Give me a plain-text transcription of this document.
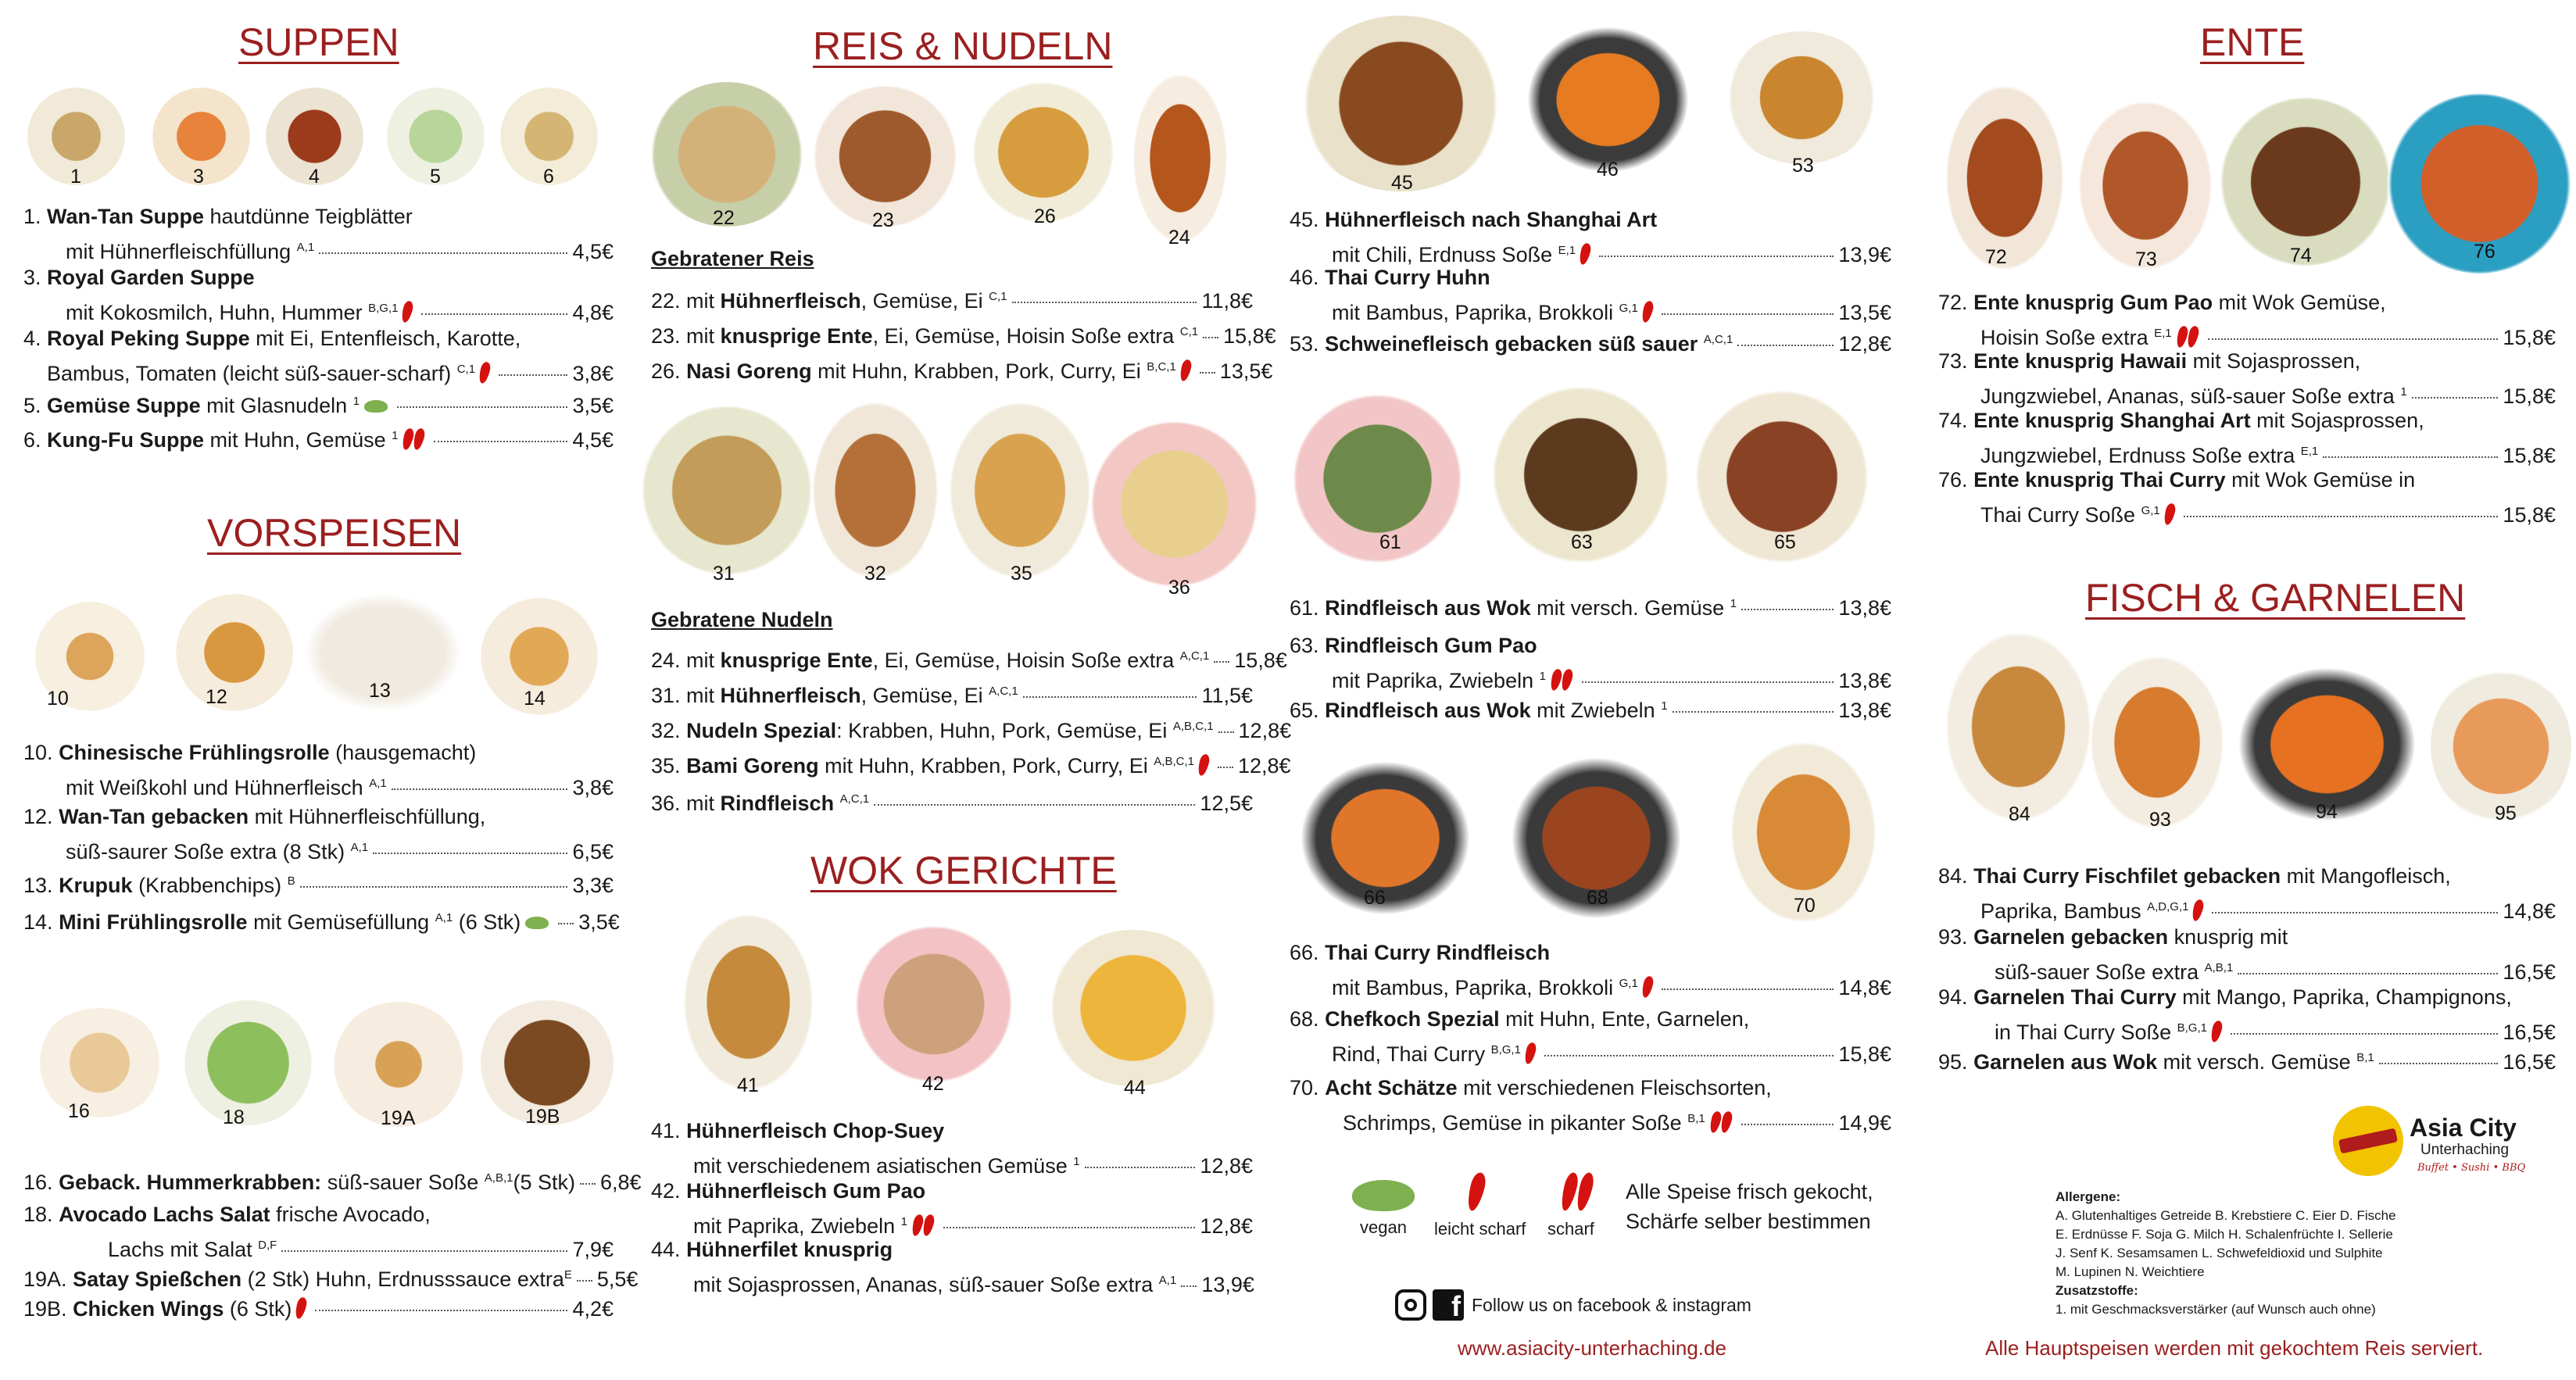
SUPPEN
1	3	4	5	6
1. Wan-Tan Suppe hautdünne Teigblätter
mit Hühnerfleischfüllung $^{A,1}$	4,5€
3. Royal Garden Suppe
mit Kokosmilch, Huhn, Hummer $^{B,G,1}$	4,8€
4. Royal Peking Suppe mit Ei, Entenfleisch, Karotte,
Bambus, Tomaten (leicht süß-sauer-scharf) $^{C,1}$	3,8€
5. Gemüse Suppe mit Glasnudeln $^1$	3,5€
6. Kung-Fu Suppe mit Huhn, Gemüse $^1$	4,5€
VORSPEISEN
10	12	13	14
10. Chinesische Frühlingsrolle (hausgemacht)
mit Weißkohl und Hühnerfleisch $^{A,1}$	3,8€
12. Wan-Tan gebacken mit Hühnerfleischfüllung,
süß-saurer Soße extra (8 Stk) $^{A,1}$	6,5€
13. Krupuk (Krabbenchips) $^B$	3,3€
14. Mini Frühlingsrolle mit Gemüsefüllung $^{A,1}$ (6 Stk)	3,5€
16	18	19A	19B
16. Geback. Hummerkrabben: süß-sauer Soße $^{A,B,1}$(5 Stk) 6,8€
18. Avocado Lachs Salat frische Avocado,
Lachs mit Salat $^{D,F}$	7,9€
19A. Satay Spießchen (2 Stk) Huhn, Erdnusssauce extra$^E$ 5,5€
19B. Chicken Wings (6 Stk)	4,2€
REIS & NUDELN
22	23	26
24
Gebratener Reis
22. mit Hühnerfleisch, Gemüse, Ei $^{C,1}$	11,8€
23. mit knusprige Ente, Ei, Gemüse, Hoisin Soße extra $^{C,1}$ 15,8€
26. Nasi Goreng mit Huhn, Krabben, Pork, Curry, Ei $^{B,C,1}$	13,5€
31	32	35
36
Gebratene Nudeln
24. mit knusprige Ente, Ei, Gemüse, Hoisin Soße extra $^{A,C,1}$ 15,8€
31. mit Hühnerfleisch, Gemüse, Ei $^{A,C,1}$	11,5€
32. Nudeln Spezial: Krabben, Huhn, Pork, Gemüse, Ei $^{A,B,C,1}$ 12,8€
35. Bami Goreng mit Huhn, Krabben, Pork, Curry, Ei $^{A,B,C,1}$	12,8€
36. mit Rindfleisch $^{A,C,1}$	12,5€
WOK GERICHTE
41	42	44
41. Hühnerfleisch Chop-Suey
mit verschiedenem asiatischen Gemüse $^1$	12,8€
42. Hühnerfleisch Gum Pao
mit Paprika, Zwiebeln $^1$	12,8€
44. Hühnerfilet knusprig
mit Sojasprossen, Ananas, süß-sauer Soße extra $^{A,1}$ 13,9€
45
46	53
45. Hühnerfleisch nach Shanghai Art
mit Chili, Erdnuss Soße $^{E,1}$	13,9€
46. Thai Curry Huhn
mit Bambus, Paprika, Brokkoli $^{G,1}$	13,5€
53. Schweinefleisch gebacken süß sauer $^{A,C,1}$	12,8€
61	63	65
61. Rindfleisch aus Wok mit versch. Gemüse $^1$	13,8€
63. Rindfleisch Gum Pao
mit Paprika, Zwiebeln $^1$	13,8€
65. Rindfleisch aus Wok mit Zwiebeln $^1$	13,8€
66	68	70
66. Thai Curry Rindfleisch
mit Bambus, Paprika, Brokkoli $^{G,1}$	14,8€
68. Chefkoch Spezial mit Huhn, Ente, Garnelen,
Rind, Thai Curry $^{B,G,1}$	15,8€
70. Acht Schätze mit verschiedenen Fleischsorten,
Schrimps, Gemüse in pikanter Soße $^{B,1}$	14,9€
vegan leicht scharf scharf
Alle Speise frisch gekocht,
Schärfe selber bestimmen
f Follow us on facebook & instagram
www.asiacity-unterhaching.de
ENTE
72	73	74	76
72. Ente knusprig Gum Pao mit Wok Gemüse,
Hoisin Soße extra $^{E,1}$	15,8€
73. Ente knusprig Hawaii mit Sojasprossen,
Jungzwiebel, Ananas, süß-sauer Soße extra $^1$	15,8€
74. Ente knusprig Shanghai Art mit Sojasprossen,
Jungzwiebel, Erdnuss Soße extra $^{E,1}$	15,8€
76. Ente knusprig Thai Curry mit Wok Gemüse in
Thai Curry Soße $^{G,1}$	15,8€
FISCH & GARNELEN
84	93	94	95
84. Thai Curry Fischfilet gebacken mit Mangofleisch,
Paprika, Bambus $^{A,D,G,1}$	14,8€
93. Garnelen gebacken knusprig mit
süß-sauer Soße extra $^{A,B,1}$	16,5€
94. Garnelen Thai Curry mit Mango, Paprika, Champignons,
in Thai Curry Soße $^{B,G,1}$	16,5€
95. Garnelen aus Wok mit versch. Gemüse $^{B,1}$	16,5€
Asia City
Unterhaching
Buffet • Sushi • BBQ
Allergene:
A. Glutenhaltiges Getreide B. Krebstiere C. Eier D. Fische
E. Erdnüsse F. Soja G. Milch H. Schalenfrüchte I. Sellerie
J. Senf K. Sesamsamen L. Schwefeldioxid und Sulphite
M. Lupinen N. Weichtiere
Zusatzstoffe:
1. mit Geschmacksverstärker (auf Wunsch auch ohne)
Alle Hauptspeisen werden mit gekochtem Reis serviert.
